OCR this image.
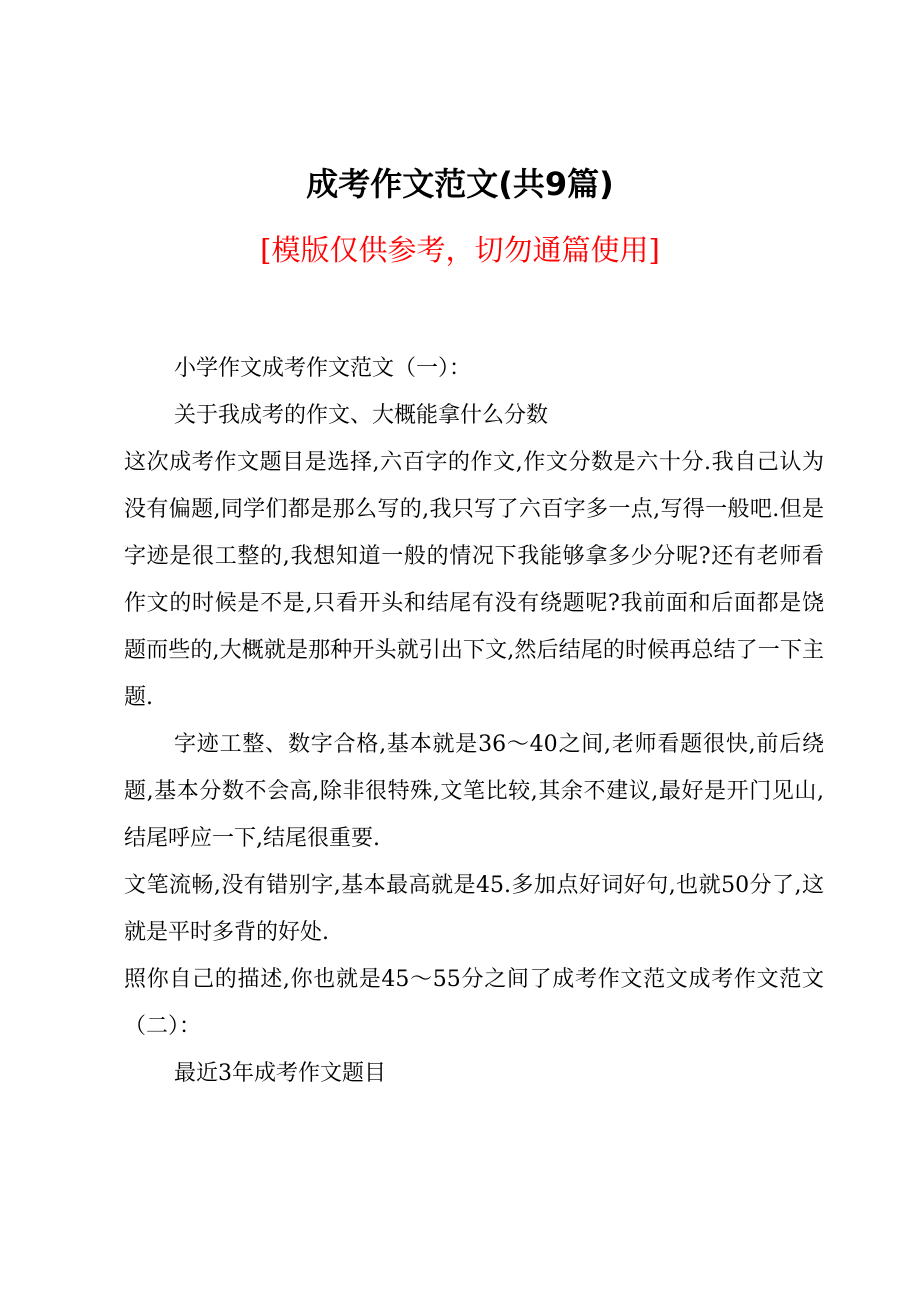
成考作文范文(共9篇)
[模版仅供参考，切勿通篇使用]

小学作文成考作文范文（一）：

关于我成考的作文、大概能拿什么分数

这次成考作文题目是选择,六百字的作文,作文分数是六十分.我自己认为没有偏题,同学们都是那么写的,我只写了六百字多一点,写得一般吧.但是字迹是很工整的,我想知道一般的情况下我能够拿多少分呢?还有老师看作文的时候是不是,只看开头和结尾有没有绕题呢?我前面和后面都是饶题而些的,大概就是那种开头就引出下文,然后结尾的时候再总结了一下主题.

字迹工整、数字合格,基本就是36～40之间,老师看题很快,前后绕题,基本分数不会高,除非很特殊,文笔比较,其余不建议,最好是开门见山,结尾呼应一下,结尾很重要.

文笔流畅,没有错别字,基本最高就是45.多加点好词好句,也就50分了,这就是平时多背的好处.

照你自己的描述,你也就是45～55分之间了成考作文范文成考作文范文（二）：

最近3年成考作文题目
